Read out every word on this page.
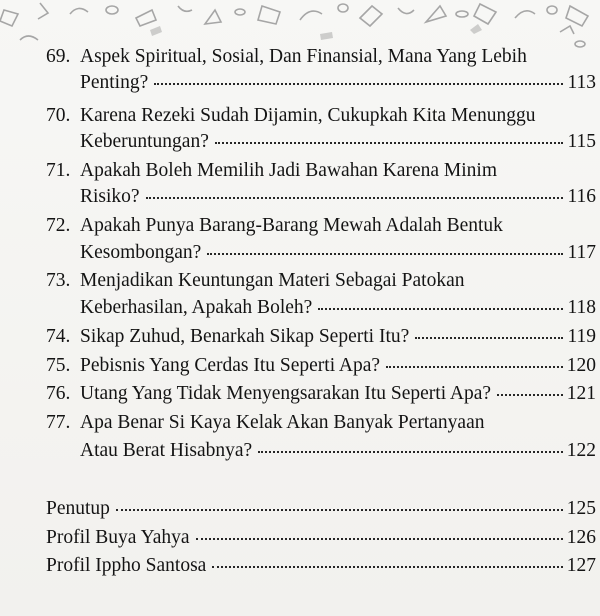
69. Aspek Spiritual, Sosial, Dan Finansial, Mana Yang Lebih
Penting?	113
70. Karena Rezeki Sudah Dijamin, Cukupkah Kita Menunggu
Keberuntungan?	115
71. Apakah Boleh Memilih Jadi Bawahan Karena Minim
Risiko?	116
72. Apakah Punya Barang-Barang Mewah Adalah Bentuk
Kesombongan?	117
73. Menjadikan Keuntungan Materi Sebagai Patokan
Keberhasilan, Apakah Boleh?	118
74. Sikap Zuhud, Benarkah Sikap Seperti Itu?	119
75. Pebisnis Yang Cerdas Itu Seperti Apa?	120
76. Utang Yang Tidak Menyengsarakan Itu Seperti Apa?	121
77. Apa Benar Si Kaya Kelak Akan Banyak Pertanyaan
Atau Berat Hisabnya?	122
Penutup	125
Profil Buya Yahya	126
Profil Ippho Santosa	127
